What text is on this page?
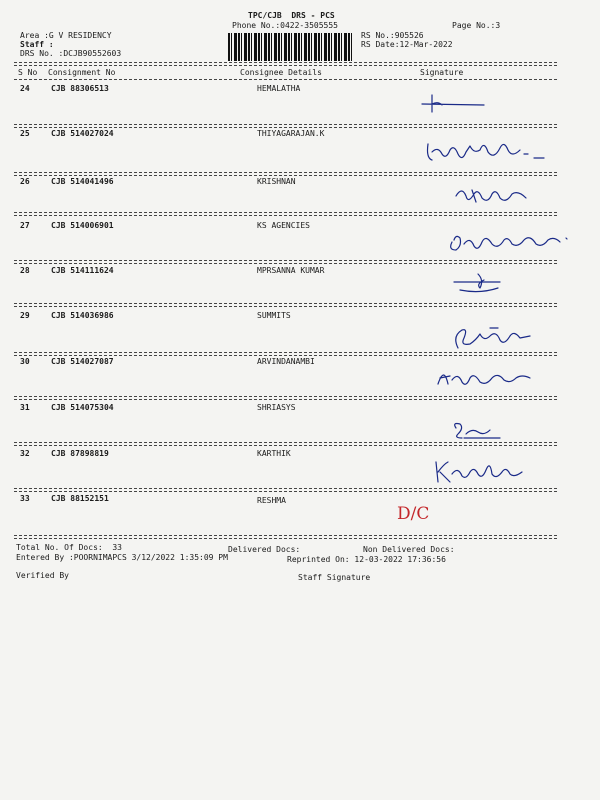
TPC/CJB  DRS - PCS
Phone No.:0422-3505555	Page No.:3
Area :G V RESIDENCY
Staff :
DRS No. :DCJB90552603
RS No.:905526
RS Date:12-Mar-2022
S No Consignment No	Consignee Details	Signature
24	CJB 88306513	HEMALATHA
25	CJB 514027024	THIYAGARAJAN.K
26	CJB 514041496	KRISHNAN
27	CJB 514006901	KS AGENCIES
28	CJB 514111624	MPRSANNA KUMAR
29	CJB 514036986	SUMMITS
30	CJB 514027087	ARVINDANAMBI
31	CJB 514075304	SHRIASYS
32	CJB 87898819	KARTHIK
33	CJB 88152151	RESHMA
D/C
Total No. Of Docs:  33	Delivered Docs:	Non Delivered Docs:
Entered By :POORNIMAPCS 3/12/2022 1:35:09 PM	Reprinted On: 12-03-2022 17:36:56
Verified By	Staff Signature
